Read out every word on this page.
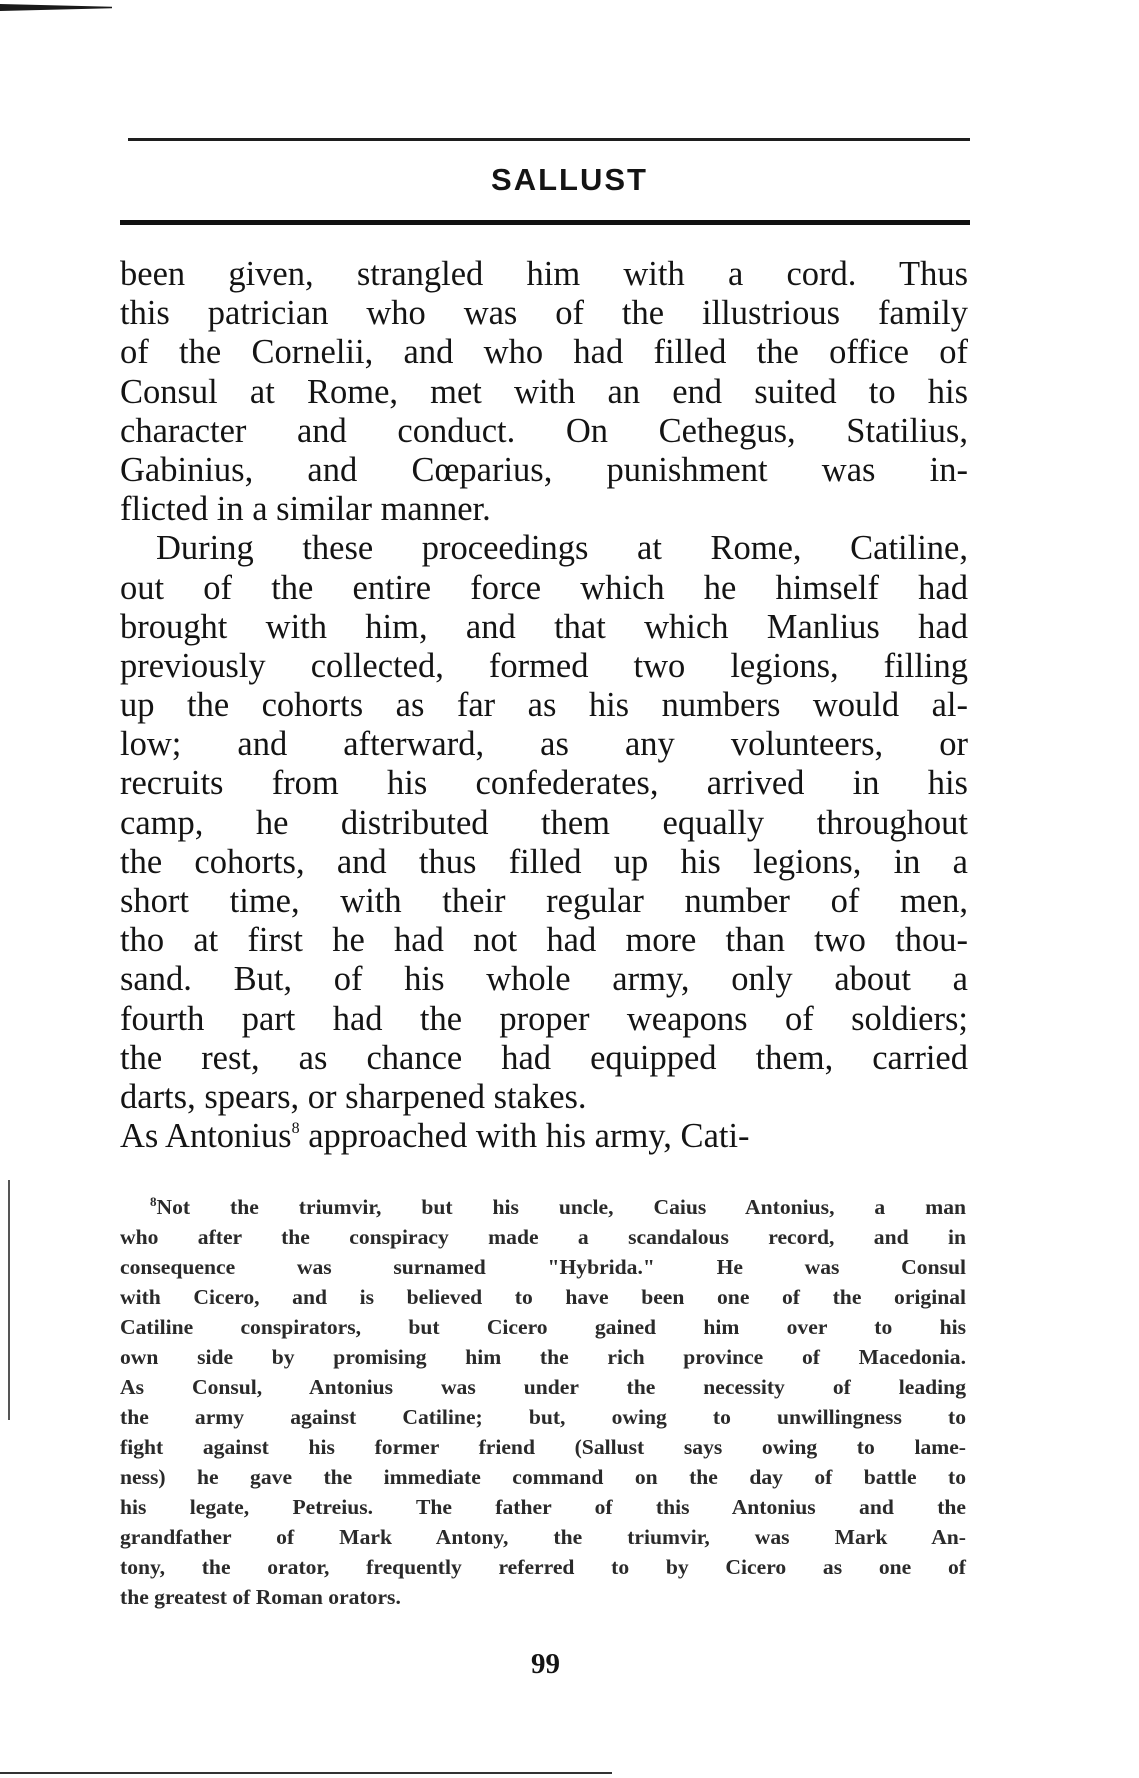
SALLUST
been given, strangled him with a cord. Thus
this patrician who was of the illustrious family
of the Cornelii, and who had filled the office of
Consul at Rome, met with an end suited to his
character and conduct. On Cethegus, Statilius,
Gabinius, and Cœparius, punishment was in-
flicted in a similar manner.
During these proceedings at Rome, Catiline,
out of the entire force which he himself had
brought with him, and that which Manlius had
previously collected, formed two legions, filling
up the cohorts as far as his numbers would al-
low; and afterward, as any volunteers, or
recruits from his confederates, arrived in his
camp, he distributed them equally throughout
the cohorts, and thus filled up his legions, in a
short time, with their regular number of men,
tho at first he had not had more than two thou-
sand. But, of his whole army, only about a
fourth part had the proper weapons of soldiers;
the rest, as chance had equipped them, carried
darts, spears, or sharpened stakes.
As Antonius$^8$ approached with his army, Cati-
$^8$Not the triumvir, but his uncle, Caius Antonius, a man
who after the conspiracy made a scandalous record, and in
consequence was surnamed "Hybrida." He was Consul
with Cicero, and is believed to have been one of the original
Catiline conspirators, but Cicero gained him over to his
own side by promising him the rich province of Macedonia.
As Consul, Antonius was under the necessity of leading
the army against Catiline; but, owing to unwillingness to
fight against his former friend (Sallust says owing to lame-
ness) he gave the immediate command on the day of battle to
his legate, Petreius. The father of this Antonius and the
grandfather of Mark Antony, the triumvir, was Mark An-
tony, the orator, frequently referred to by Cicero as one of
the greatest of Roman orators.
99
